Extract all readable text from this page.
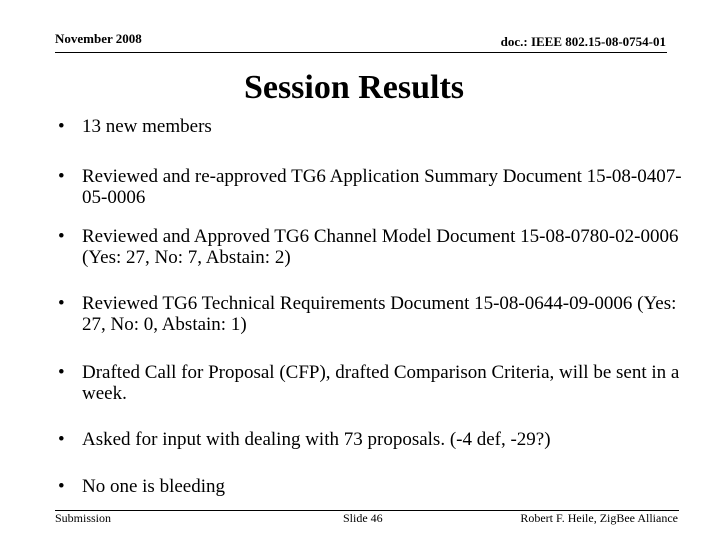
November 2008	doc.: IEEE 802.15-08-0754-01
Session Results
• 13 new members
• Reviewed and re-approved TG6 Application Summary Document 15-08-0407-05-0006
• Reviewed and Approved TG6 Channel Model Document 15-08-0780-02-0006 (Yes: 27, No: 7, Abstain: 2)
• Reviewed TG6 Technical Requirements Document 15-08-0644-09-0006 (Yes: 27, No: 0, Abstain: 1)
• Drafted Call for Proposal (CFP), drafted Comparison Criteria, will be sent in a week.
• Asked for input with dealing with 73 proposals. (-4 def, -29?)
• No one is bleeding
Submission	Slide 46	Robert F. Heile, ZigBee Alliance
